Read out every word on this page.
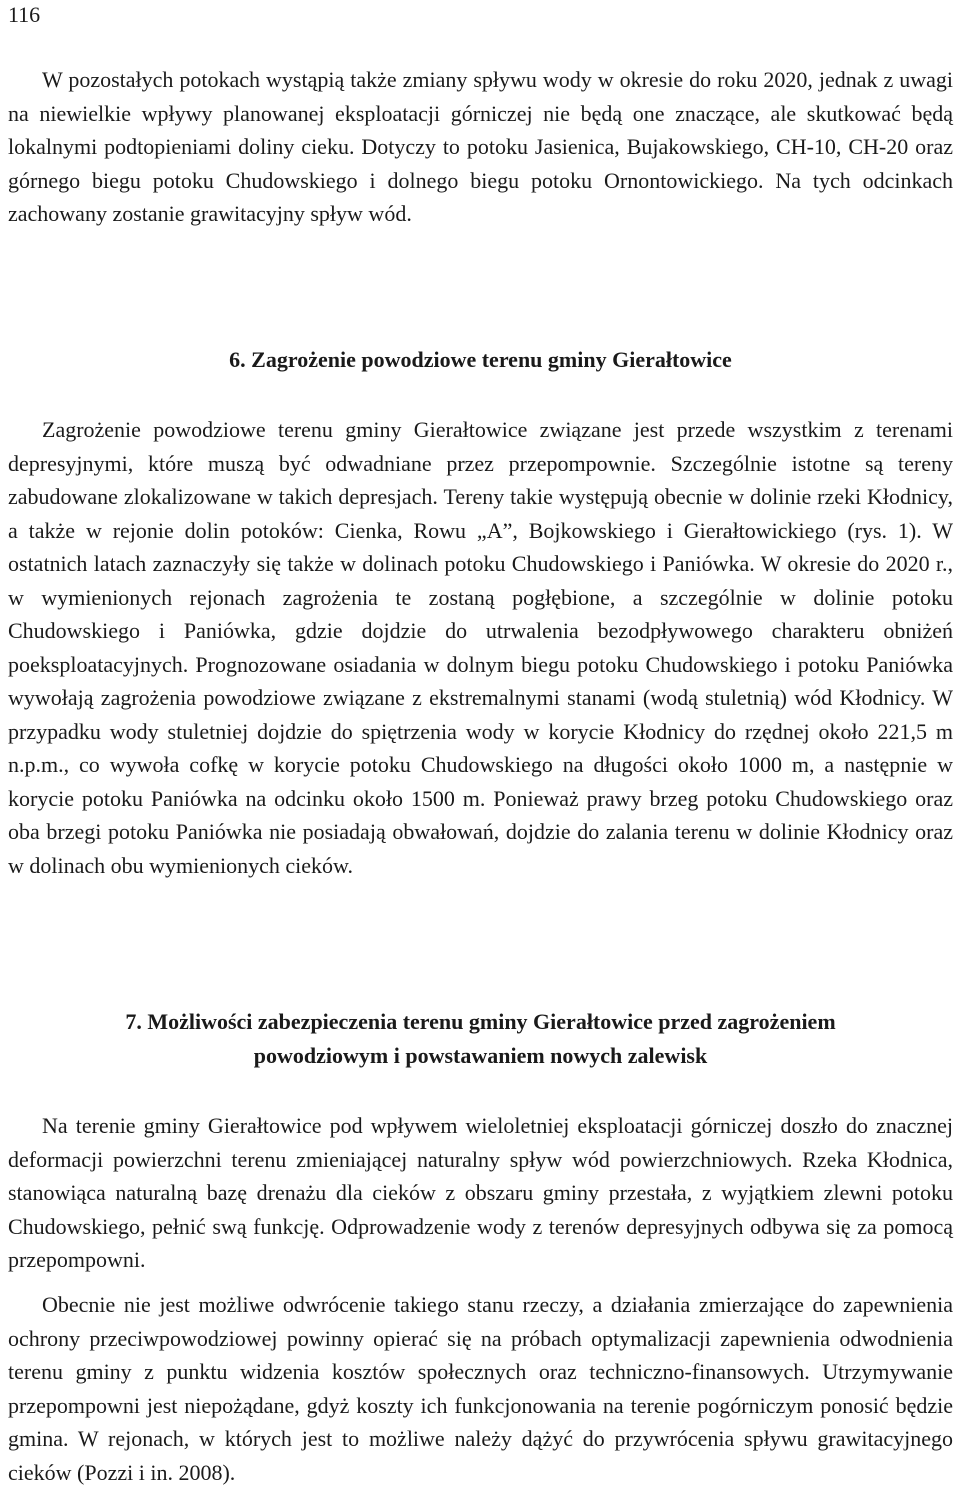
116

W pozostałych potokach wystąpią także zmiany spływu wody w okresie do roku 2020, jednak z uwagi na niewielkie wpływy planowanej eksploatacji górniczej nie będą one znaczące, ale skutkować będą lokalnymi podtopieniami doliny cieku. Dotyczy to potoku Jasienica, Bujakowskiego, CH-10, CH-20 oraz górnego biegu potoku Chudowskiego i dolnego biegu potoku Ornontowickiego. Na tych odcinkach zachowany zostanie grawitacyjny spływ wód.

6. Zagrożenie powodziowe terenu gminy Gierałtowice

Zagrożenie powodziowe terenu gminy Gierałtowice związane jest przede wszystkim z terenami depresyjnymi, które muszą być odwadniane przez przepompownie. Szczególnie istotne są tereny zabudowane zlokalizowane w takich depresjach. Tereny takie występują obecnie w dolinie rzeki Kłodnicy, a także w rejonie dolin potoków: Cienka, Rowu „A”, Bojkowskiego i Gierałtowickiego (rys. 1). W ostatnich latach zaznaczyły się także w dolinach potoku Chudowskiego i Paniówka. W okresie do 2020 r., w wymienionych rejonach zagrożenia te zostaną pogłębione, a szczególnie w dolinie potoku Chudowskiego i Paniówka, gdzie dojdzie do utrwalenia bezodpływowego charakteru obniżeń poeksploatacyjnych. Prognozowane osiadania w dolnym biegu potoku Chudowskiego i potoku Paniówka wywołają zagrożenia powodziowe związane z ekstremalnymi stanami (wodą stuletnią) wód Kłodnicy. W przypadku wody stuletniej dojdzie do spiętrzenia wody w korycie Kłodnicy do rzędnej około 221,5 m n.p.m., co wywoła cofkę w korycie potoku Chudowskiego na długości około 1000 m, a następnie w korycie potoku Paniówka na odcinku około 1500 m. Ponieważ prawy brzeg potoku Chudowskiego oraz oba brzegi potoku Paniówka nie posiadają obwałowań, dojdzie do zalania terenu w dolinie Kłodnicy oraz w dolinach obu wymienionych cieków.

7. Możliwości zabezpieczenia terenu gminy Gierałtowice przed zagrożeniem
powodziowym i powstawaniem nowych zalewisk

Na terenie gminy Gierałtowice pod wpływem wieloletniej eksploatacji górniczej doszło do znacznej deformacji powierzchni terenu zmieniającej naturalny spływ wód powierzchniowych. Rzeka Kłodnica, stanowiąca naturalną bazę drenażu dla cieków z obszaru gminy przestała, z wyjątkiem zlewni potoku Chudowskiego, pełnić swą funkcję. Odprowadzenie wody z terenów depresyjnych odbywa się za pomocą przepompowni.

Obecnie nie jest możliwe odwrócenie takiego stanu rzeczy, a działania zmierzające do zapewnienia ochrony przeciwpowodziowej powinny opierać się na próbach optymalizacji zapewnienia odwodnienia terenu gminy z punktu widzenia kosztów społecznych oraz techniczno-finansowych. Utrzymywanie przepompowni jest niepożądane, gdyż koszty ich funkcjonowania na terenie pogórniczym ponosić będzie gmina. W rejonach, w których jest to możliwe należy dążyć do przywrócenia spływu grawitacyjnego cieków (Pozzi i in. 2008).
